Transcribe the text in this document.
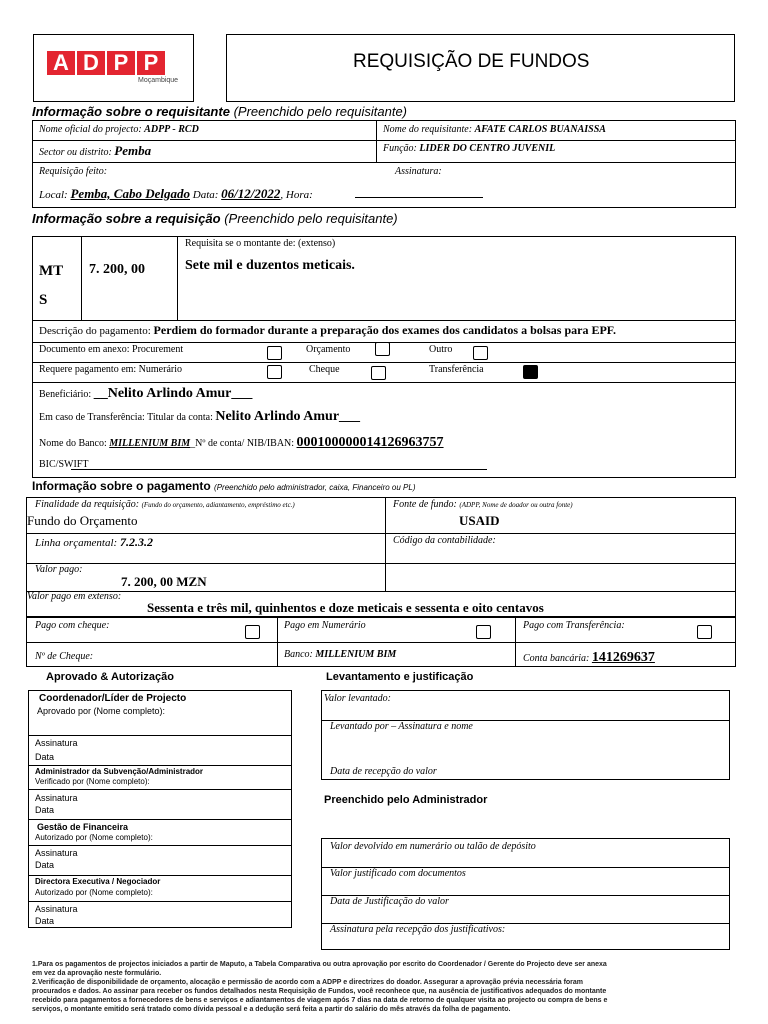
A D P P
Moçambique
REQUISIÇÃO DE FUNDOS
Informação sobre o requisitante (Preenchido pelo requisitante)
Nome oficial do projecto: ADPP - RCD	Nome do requisitante: AFATE CARLOS BUANAISSA
Sector ou distrito: Pemba	Função: LIDER DO CENTRO JUVENIL
Requisição feito:	Assinatura:
Local: Pemba, Cabo Delgado Data: 06/12/2022, Hora:
Informação sobre a requisição (Preenchido pelo requisitante)
MT
S
7. 200, 00
Requisita se o montante de: (extenso)
Sete mil e duzentos meticais.
Descrição do pagamento: Perdiem do formador durante a preparação dos exames dos candidatos a bolsas para EPF.
Documento em anexo: Procurement	Orçamento	Outro
Requere pagamento em: Numerário	Cheque	Transferência
Beneficiário: __Nelito Arlindo Amur___
Em caso de Transferência: Titular da conta: Nelito Arlindo Amur___
Nome do Banco: MILLENIUM BIM_Nº de conta/ NIB/IBAN: 000100000014126963757
BIC/SWIFT
Informação sobre o pagamento (Preenchido pelo administrador, caixa, Financeiro ou PL)
Finalidade da requisição: (Fundo do orçamento, adiantamento, empréstimo etc.)
Fundo do Orçamento
Fonte de fundo: (ADPP, Nome de doador ou outra fonte)
USAID
Linha orçamental: 7.2.3.2	Código da contabilidade:
Valor pago:
7. 200, 00 MZN
Valor pago em extenso:
Sessenta e três mil, quinhentos e doze meticais e sessenta e oito centavos
Pago com cheque:	Pago em Numerário	Pago com Transferência:
Nº de Cheque:	Banco: MILLENIUM BIM	Conta bancária: 141269637
Aprovado & Autorização
Coordenador/Líder de Projecto
Aprovado por (Nome completo):
Assinatura
Data
Administrador da Subvenção/Administrador
Verificado por (Nome completo):
Assinatura
Data
Gestão de Financeira
Autorizado por (Nome completo):
Assinatura
Data
Directora Executiva / Negociador
Autorizado por (Nome completo):
Assinatura
Data
Levantamento e justificação
Valor levantado:
Levantado por – Assinatura e nome
Data de recepção do valor
Preenchido pelo Administrador
Valor devolvido em numerário ou talão de depósito
Valor justificado com documentos
Data de Justificação do valor
Assinatura pela recepção dos justificativos:
1.Para os pagamentos de projectos iniciados a partir de Maputo, a Tabela Comparativa ou outra aprovação por escrito do Coordenador / Gerente do Projecto deve ser anexa
em vez da aprovação neste formulário.
2.Verificação de disponibilidade de orçamento, alocação e permissão de acordo com a ADPP e directrizes do doador. Assegurar a aprovação prévia necessária foram
procurados e dados. Ao assinar para receber os fundos detalhados nesta Requisição de Fundos, você reconhece que, na ausência de justificativos adequados do montante
recebido para pagamentos a fornecedores de bens e serviços e adiantamentos de viagem após 7 dias na data de retorno de qualquer visita ao projecto ou compra de bens e
serviços, o montante emitido será tratado como dívida pessoal e a dedução será feita a partir do salário do mês através da folha de pagamento.
